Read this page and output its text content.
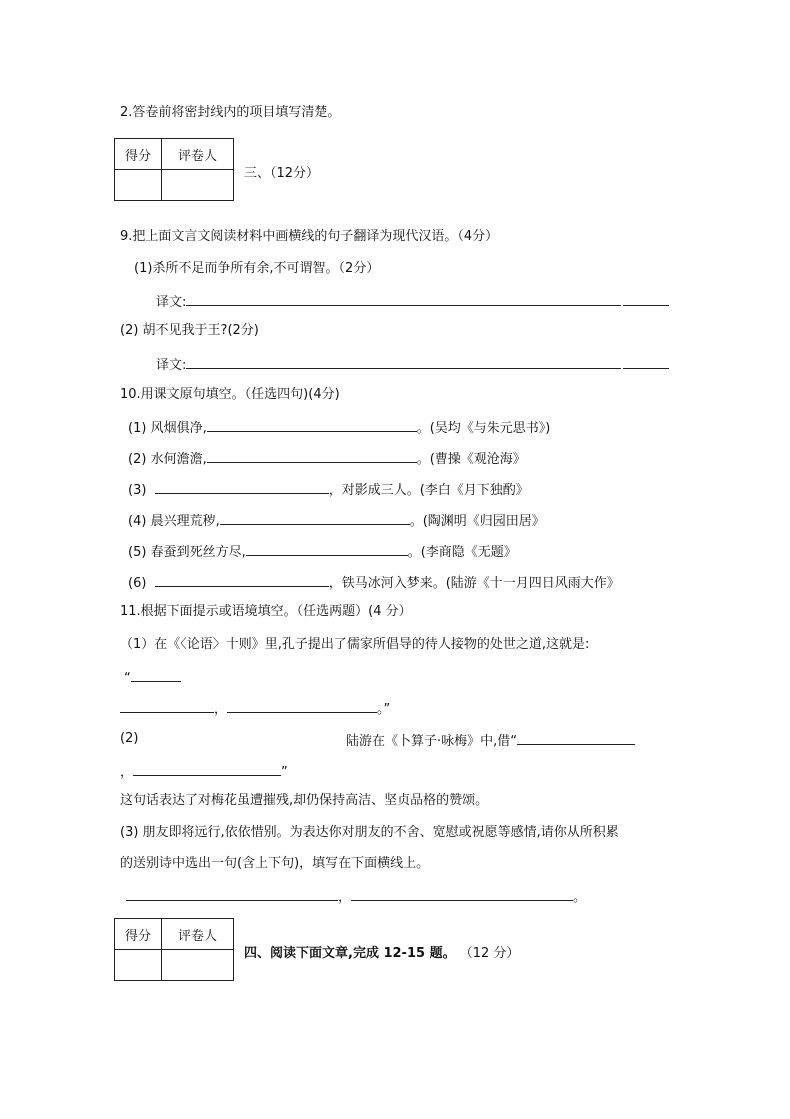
2.答卷前将密封线内的项目填写清楚。
得分	评卷人

三、（12分）
9.把上面文言文阅读材料中画横线的句子翻译为现代汉语。（4分）
(1)杀所不足而争所有余,不可谓智。（2分）
译文:
(2) 胡不见我于王?(2分)
译文:
10.用课文原句填空。（任选四句)(4分)
(1) 风烟俱净,	。(吴均《与朱元思书》)
(2) 水何澹澹,	。(曹操《观沧海》
(3)	，对影成三人。(李白《月下独酌》
(4) 晨兴理荒秽,	。(陶渊明《归园田居》
(5) 春蚕到死丝方尽,	。(李商隐《无题》
(6)	，铁马冰河入梦来。(陆游《十一月四日风雨大作》
11.根据下面提示或语境填空。（任选两题）(4 分）
（1）在《〈论语〉十则》里,孔子提出了儒家所倡导的待人接物的处世之道,这就是:
“
，	。”
(2)	陆游在《卜算子·咏梅》中,借“
，	”
这句话表达了对梅花虽遭摧残,却仍保持高洁、坚贞品格的赞颂。
(3) 朋友即将远行,依依惜别。为表达你对朋友的不舍、宽慰或祝愿等感情,请你从所积累
的送别诗中选出一句(含上下句)，填写在下面横线上。
，	。
得分	评卷人

四、阅读下面文章,完成 12-15 题。 （12 分）
